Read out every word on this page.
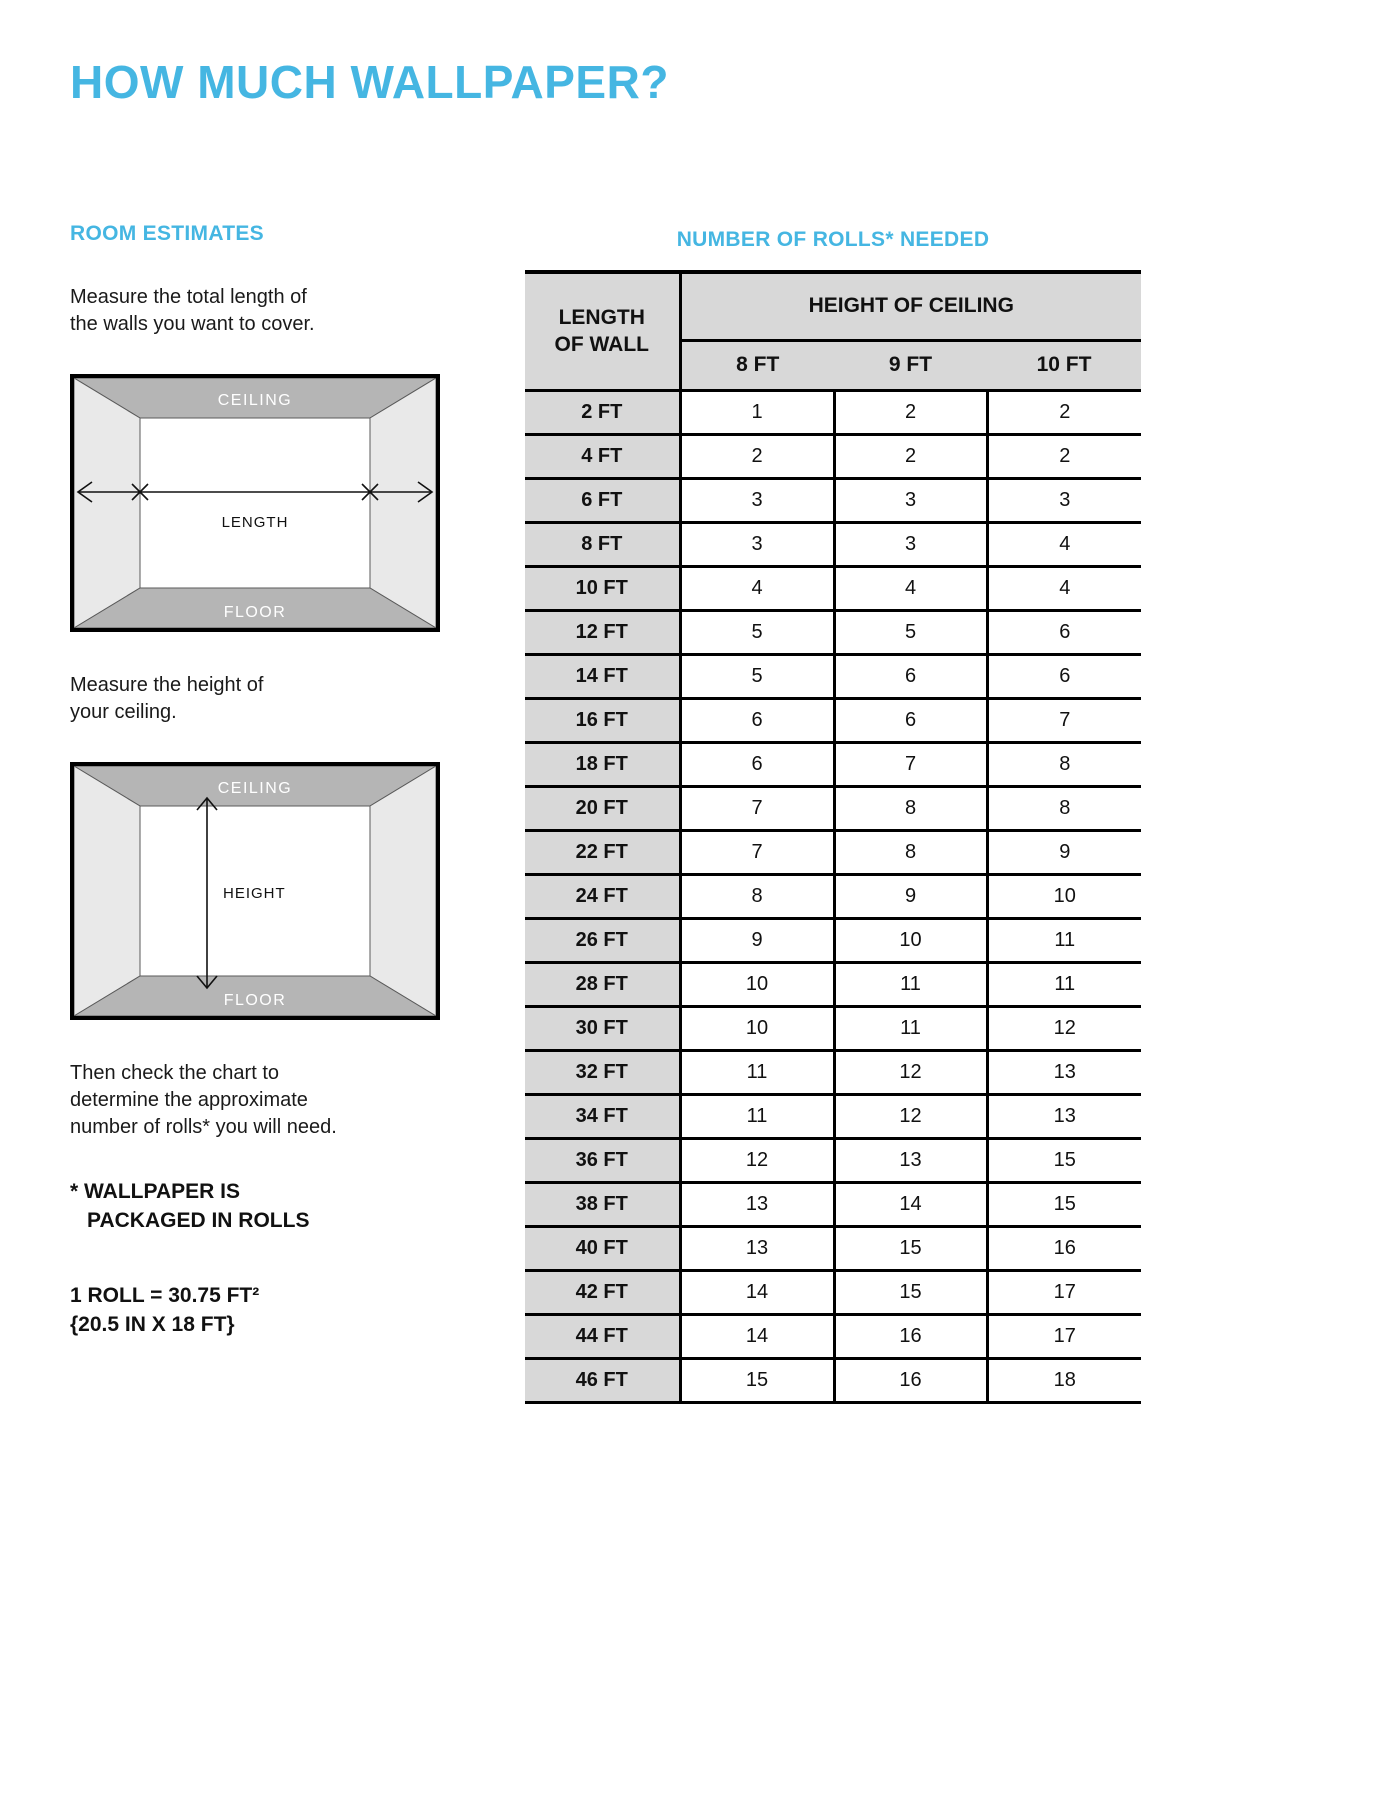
HOW MUCH WALLPAPER?
ROOM ESTIMATES

Measure the total length of
the walls you want to cover.

CEILING
FLOOR
LENGTH

Measure the height of
your ceiling.

CEILING
FLOOR
HEIGHT

Then check the chart to
determine the approximate
number of rolls* you will need.

* WALLPAPER IS
PACKAGED IN ROLLS

1 ROLL = 30.75 FT²
{20.5 IN X 18 FT}

NUMBER OF ROLLS* NEEDED
LENGTH
OF WALL	HEIGHT OF CEILING		
	8 FT	9 FT	10 FT
2 FT	1	2	2
4 FT	2	2	2
6 FT	3	3	3
8 FT	3	3	4
10 FT	4	4	4
12 FT	5	5	6
14 FT	5	6	6
16 FT	6	6	7
18 FT	6	7	8
20 FT	7	8	8
22 FT	7	8	9
24 FT	8	9	10
26 FT	9	10	11
28 FT	10	11	11
30 FT	10	11	12
32 FT	11	12	13
34 FT	11	12	13
36 FT	12	13	15
38 FT	13	14	15
40 FT	13	15	16
42 FT	14	15	17
44 FT	14	16	17
46 FT	15	16	18
